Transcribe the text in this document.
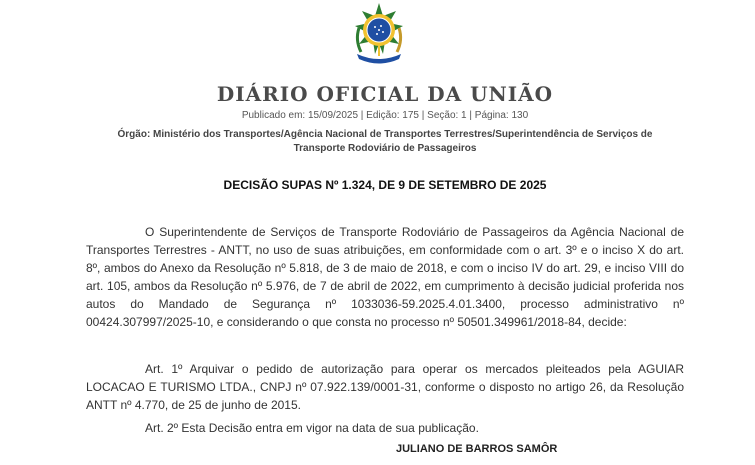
DIÁRIO OFICIAL DA UNIÃO
Publicado em: 15/09/2025 | Edição: 175 | Seção: 1 | Página: 130
Órgão: Ministério dos Transportes/Agência Nacional de Transportes Terrestres/Superintendência de Serviços de Transporte Rodoviário de Passageiros
DECISÃO SUPAS Nº 1.324, DE 9 DE SETEMBRO DE 2025

O Superintendente de Serviços de Transporte Rodoviário de Passageiros da Agência Nacional de Transportes Terrestres - ANTT, no uso de suas atribuições, em conformidade com o art. 3º e o inciso X do art. 8º, ambos do Anexo da Resolução nº 5.818, de 3 de maio de 2018, e com o inciso IV do art. 29, e inciso VIII do art. 105, ambos da Resolução nº 5.976, de 7 de abril de 2022, em cumprimento à decisão judicial proferida nos autos do Mandado de Segurança nº 1033036-59.2025.4.01.3400, processo administrativo nº 00424.307997/2025-10, e considerando o que consta no processo nº 50501.349961/2018-84, decide:

Art. 1º Arquivar o pedido de autorização para operar os mercados pleiteados pela AGUIAR LOCACAO E TURISMO LTDA., CNPJ nº 07.922.139/0001-31, conforme o disposto no artigo 26, da Resolução ANTT nº 4.770, de 25 de junho de 2015.

Art. 2º Esta Decisão entra em vigor na data de sua publicação.

JULIANO DE BARROS SAMÔR
